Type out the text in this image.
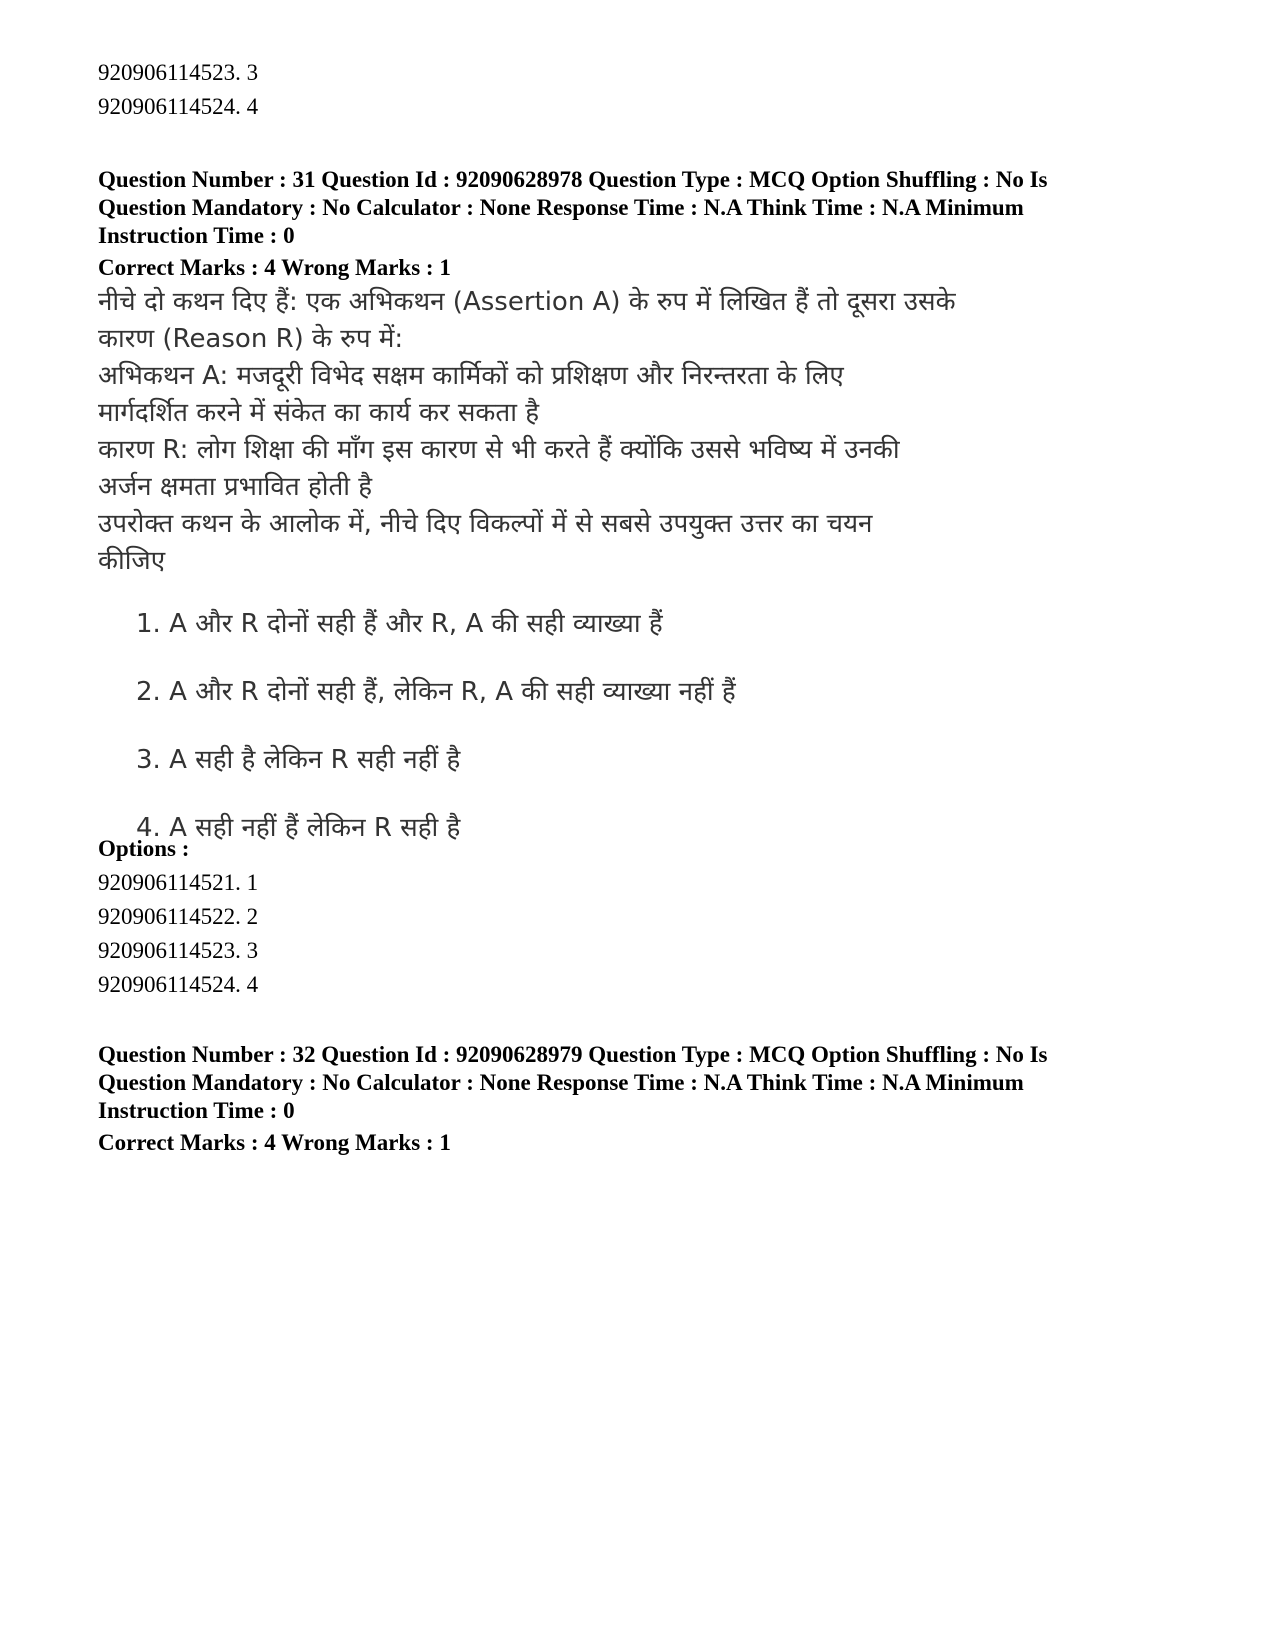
920906114523. 3

920906114524. 4

Question Number : 31 Question Id : 92090628978 Question Type : MCQ Option Shuffling : No Is

Question Mandatory : No Calculator : None Response Time : N.A Think Time : N.A Minimum

Instruction Time : 0

Correct Marks : 4 Wrong Marks : 1

नीचे दो कथन दिए हैं: एक अभिकथन (Assertion A) के रुप में लिखित हैं तो दूसरा उसके

कारण (Reason R) के रुप में:

अभिकथन A: मजदूरी विभेद सक्षम कार्मिकों को प्रशिक्षण और निरन्तरता के लिए

मार्गदर्शित करने में संकेत का कार्य कर सकता है

कारण R: लोग शिक्षा की माँग इस कारण से भी करते हैं क्योंकि उससे भविष्य में उनकी

अर्जन क्षमता प्रभावित होती है

उपरोक्त कथन के आलोक में, नीचे दिए विकल्पों में से सबसे उपयुक्त उत्तर का चयन

कीजिए

1. A और R दोनों सही हैं और R, A की सही व्याख्या हैं

2. A और R दोनों सही हैं, लेकिन R, A की सही व्याख्या नहीं हैं

3. A सही है लेकिन R सही नहीं है

4. A सही नहीं हैं लेकिन R सही है

Options :

920906114521. 1

920906114522. 2

920906114523. 3

920906114524. 4

Question Number : 32 Question Id : 92090628979 Question Type : MCQ Option Shuffling : No Is

Question Mandatory : No Calculator : None Response Time : N.A Think Time : N.A Minimum

Instruction Time : 0

Correct Marks : 4 Wrong Marks : 1
